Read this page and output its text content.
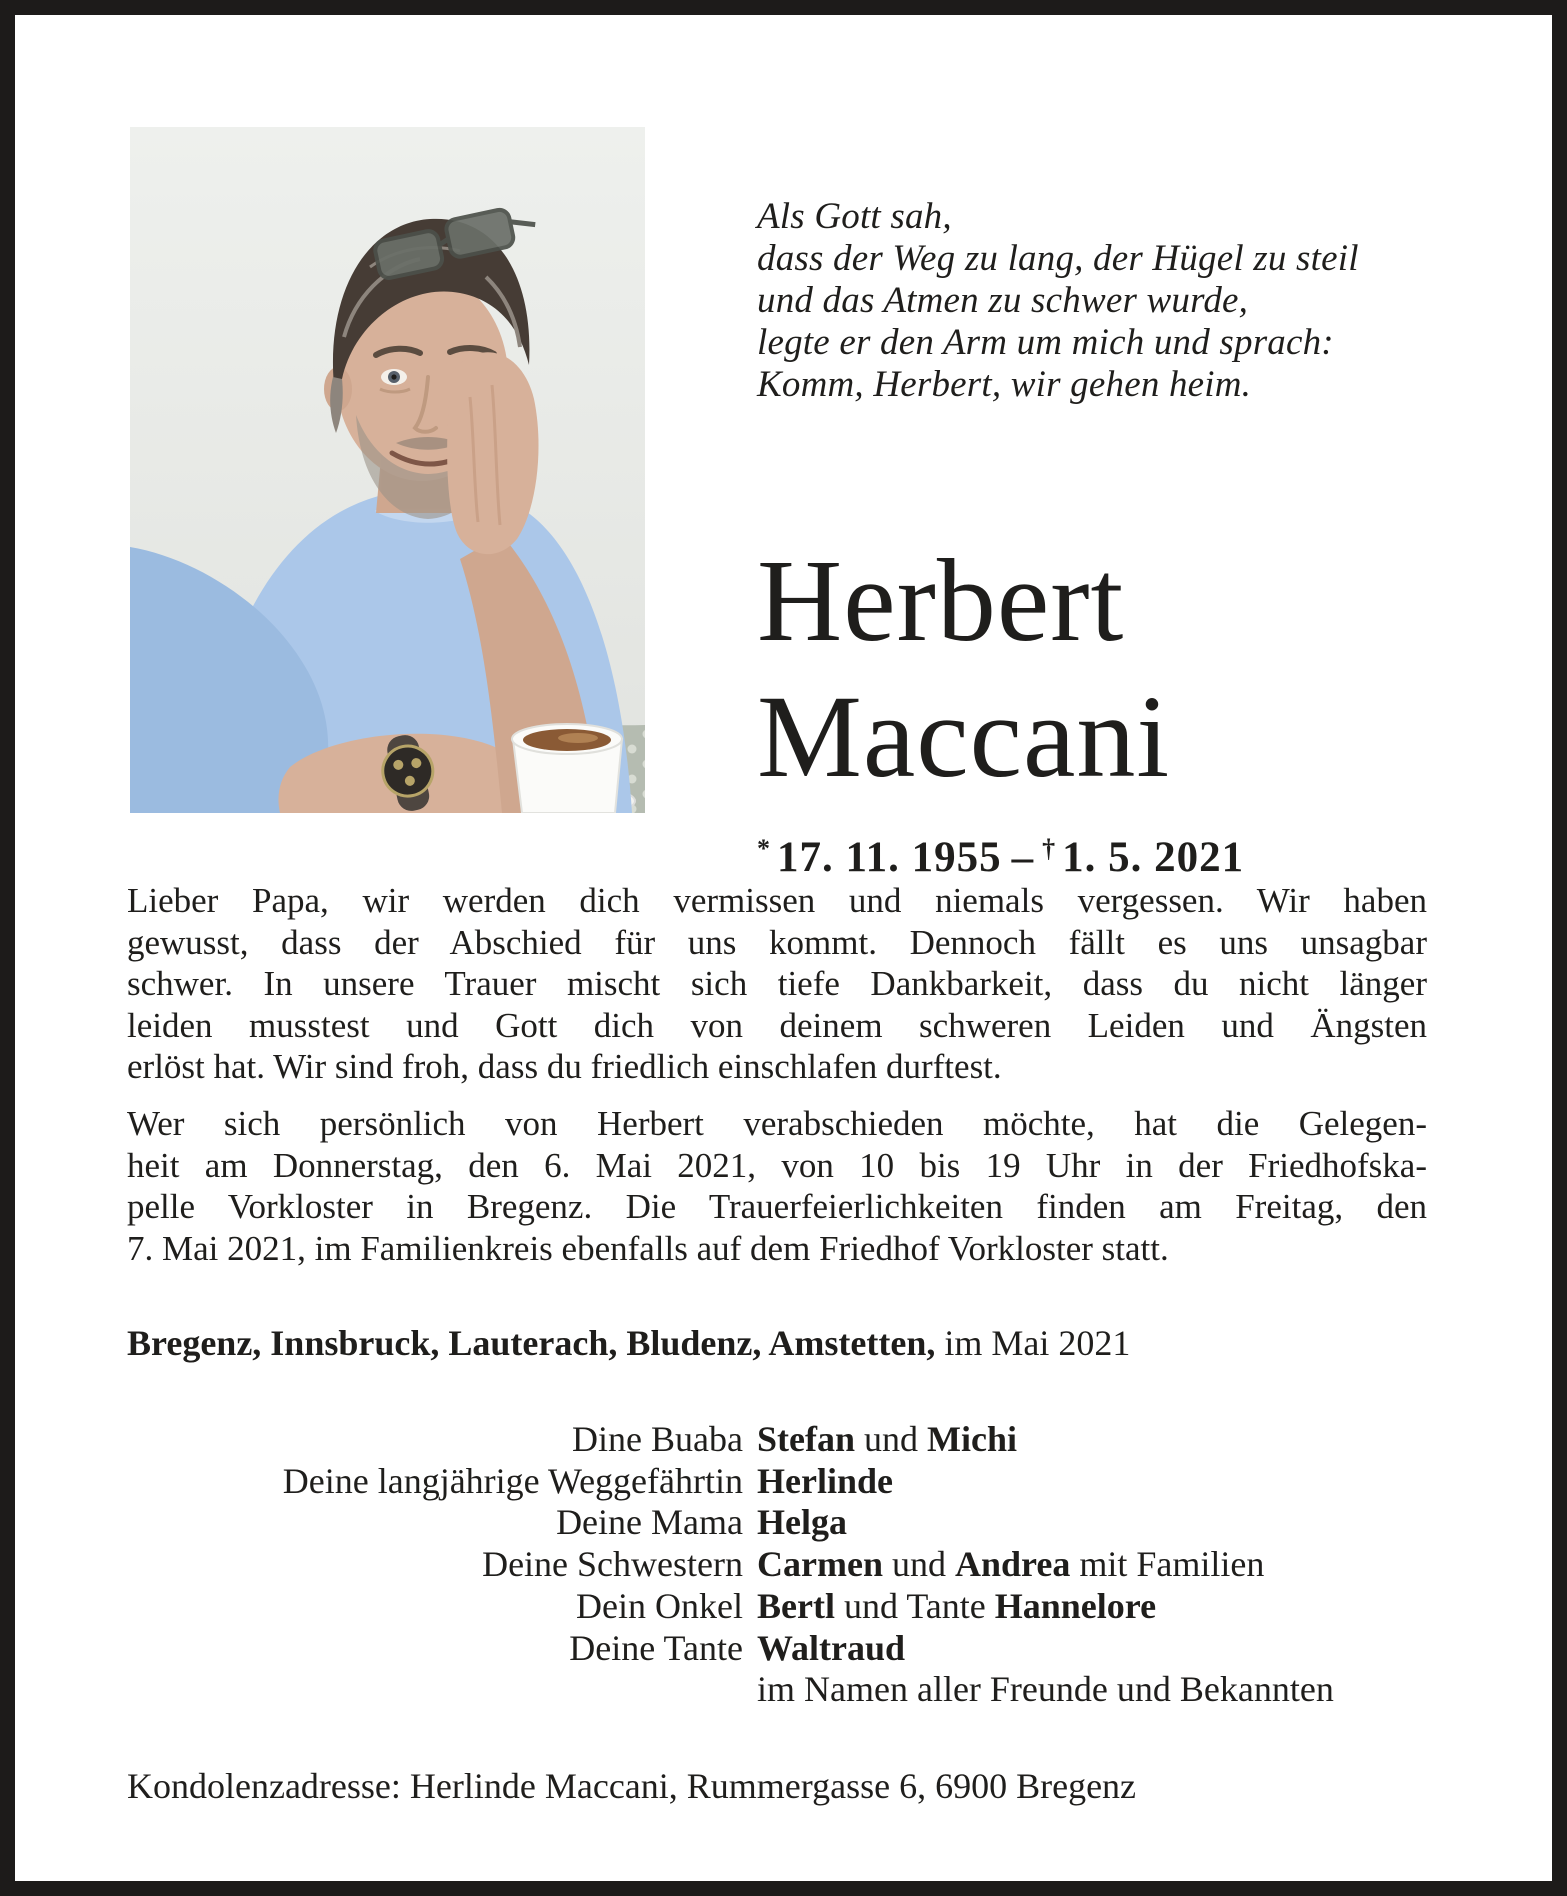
Als Gott sah,
dass der Weg zu lang, der Hügel zu steil
und das Atmen zu schwer wurde,
legte er den Arm um mich und sprach:
Komm, Herbert, wir gehen heim.
Herbert
Maccani
* 17. 11. 1955 – † 1. 5. 2021
Lieber Papa, wir werden dich vermissen und niemals vergessen. Wir haben
gewusst, dass der Abschied für uns kommt. Dennoch fällt es uns unsagbar
schwer. In unsere Trauer mischt sich tiefe Dankbarkeit, dass du nicht länger
leiden musstest und Gott dich von deinem schweren Leiden und Ängsten
erlöst hat. Wir sind froh, dass du friedlich einschlafen durftest.
Wer sich persönlich von Herbert verabschieden möchte, hat die Gelegen-
heit am Donnerstag, den 6. Mai 2021, von 10 bis 19 Uhr in der Friedhofska-
pelle Vorkloster in Bregenz. Die Trauerfeierlichkeiten finden am Freitag, den
7. Mai 2021, im Familienkreis ebenfalls auf dem Friedhof Vorkloster statt.
Bregenz, Innsbruck, Lauterach, Bludenz, Amstetten, im Mai 2021
Dine Buaba Stefan und Michi
Deine langjährige Weggefährtin Herlinde
Deine Mama Helga
Deine Schwestern Carmen und Andrea mit Familien
Dein Onkel Bertl und Tante Hannelore
Deine Tante Waltraud
im Namen aller Freunde und Bekannten
Kondolenzadresse: Herlinde Maccani, Rummergasse 6, 6900 Bregenz
